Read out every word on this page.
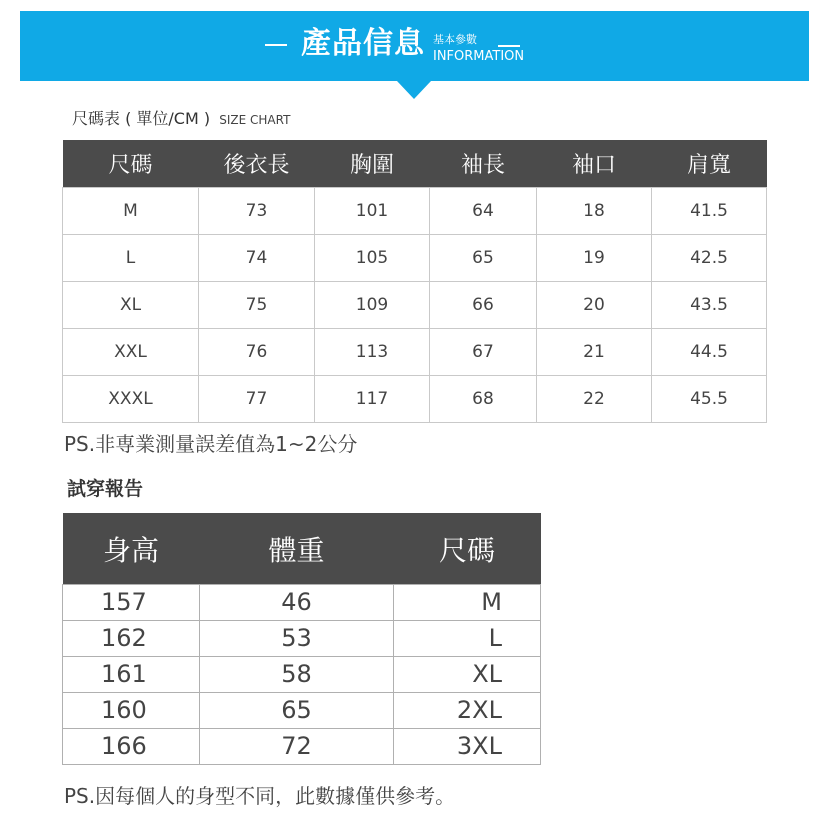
產品信息 基本參數
INFORMATION
尺碼表 ( 單位/CM ) SIZE CHART
尺碼	後衣長	胸圍	袖長	袖口	肩寬
M	73	101	64	18	41.5
L	74	105	65	19	42.5
XL	75	109	66	20	43.5
XXL	76	113	67	21	44.5
XXXL	77	117	68	22	45.5
PS.非専業測量誤差值為1~2公分
試穿報告
身高	體重	尺碼
157	46	M
162	53	L
161	58	XL
160	65	2XL
166	72	3XL
PS.因每個人的身型不同，此數據僅供參考。
